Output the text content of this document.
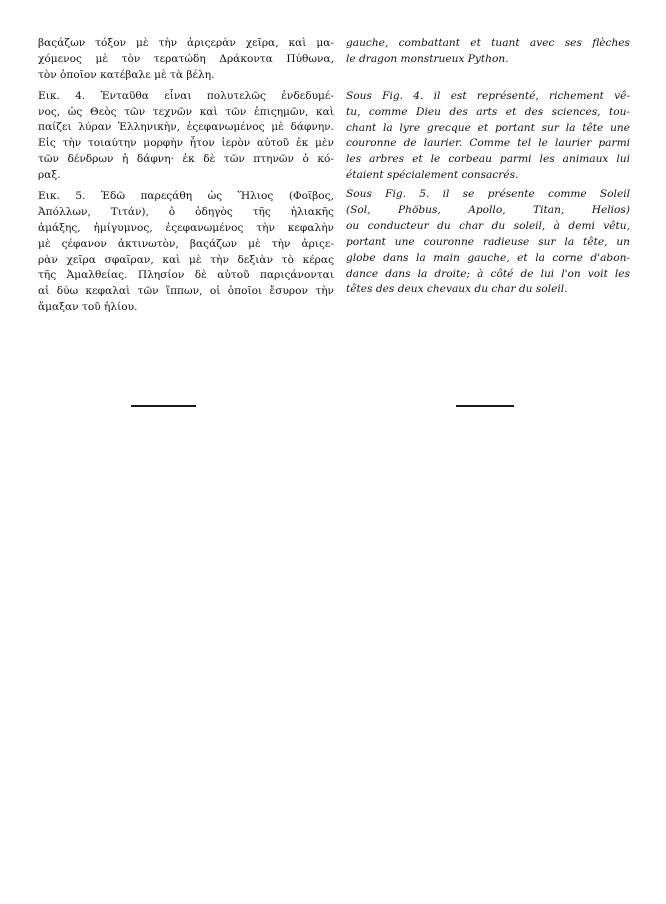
βαςάζων τόξον μὲ τὴν ἀριςερὰν χεῖρα, καὶ μα-
χόμενος μὲ τὸν τερατώδη Δράκοντα Πύθωνα,
τὸν ὁποῖον κατέβαλε μὲ τὰ βέλη.
Εικ. 4. Ἐνταῦθα εἶναι πολυτελῶς ἐνδεδυμέ-
νος, ὡς Θεὸς τῶν τεχνῶν καὶ τῶν ἐπιςημῶν, καὶ
παίζει λύραν Ἑλληνικὴν, ἐςεφανωμένος μὲ δάφνην.
Εἰς τὴν τοιαύτην μορφὴν ἦτον ἱερὸν αὐτοῦ ἐκ μὲν
τῶν δένδρων ἡ δάφνη· ἐκ δὲ τῶν πτηνῶν ὁ κό-
ραξ.
Εικ. 5. Ἐδῶ παρεςάθη ὡς Ἥλιος (Φοῖβος,
Ἀπόλλων, Τιτάν), ὁ ὁδηγὸς τῆς ἡλιακῆς
ἁμάξης, ἡμίγυμνος, ἐςεφανωμένος τὴν κεφαλὴν
μὲ ςέφανον ἀκτινωτὸν, βαςάζων μὲ τὴν ἀριςε-
ρὰν χεῖρα σφαῖραν, καὶ μὲ τὴν δεξιὰν τὸ κέρας
τῆς Ἀμαλθείας. Πλησίον δὲ αὐτοῦ παριςάνονται
αἱ δύω κεφαλαὶ τῶν ἵππων, οἱ ὁποῖοι ἔσυρον τὴν
ἅμαξαν τοῦ ἡλίου.
gauche, combattant et tuant avec ses flèches
le dragon monstrueux Python.
Sous Fig. 4. il est représenté, richement vê-
tu, comme Dieu des arts et des sciences, tou-
chant la lyre grecque et portant sur la tête une
couronne de laurier. Comme tel le laurier parmi
les arbres et le corbeau parmi les animaux lui
étaient spécialement consacrés.
Sous Fig. 5. il se présente comme Soleil
(Sol, Phöbus, Apollo, Titan, Helios)
ou conducteur du char du soleil, à demi vêtu,
portant une couronne radieuse sur la tête, un
globe dans la main gauche, et la corne d'abon-
dance dans la droite; à côté de lui l'on voit les
têtes des deux chevaux du char du soleil.
